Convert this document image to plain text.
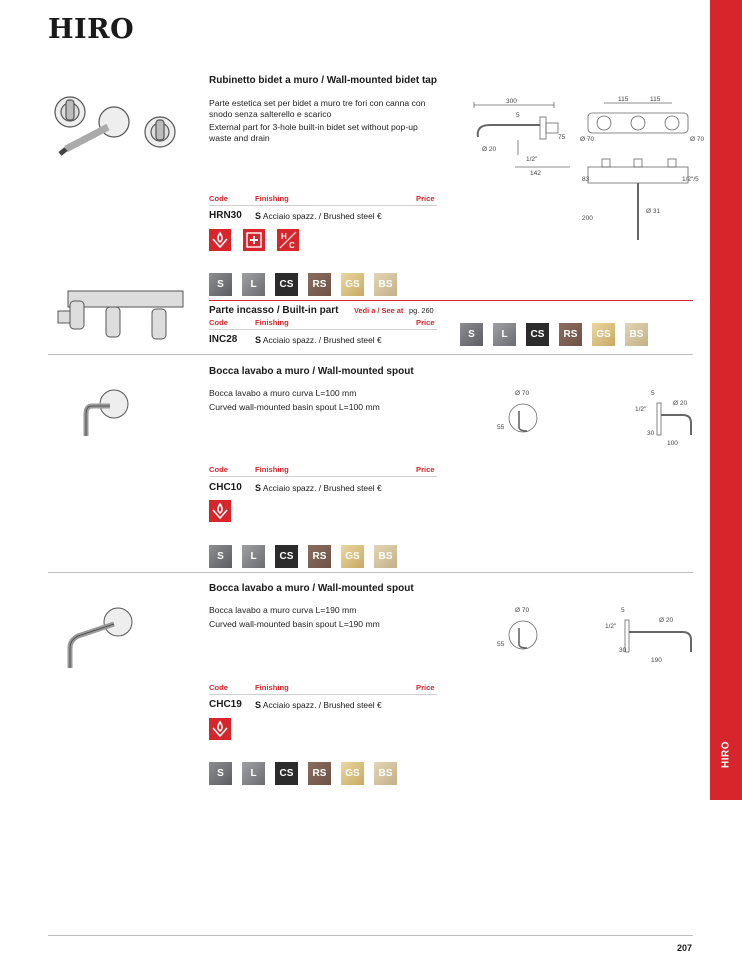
HIRO
HIRO
Rubinetto bidet a muro / Wall-mounted bidet tap
Parte estetica set per bidet a muro tre fori con canna con snodo senza salterello e scarico
External part for 3-hole built-in bidet set without pop-up waste and drain
300
5
75
Ø 20
1/2"
142
115	115
Ø 70	Ø 70
83
200
Ø 31
1/2"/5
Code	Finishing	Price
HRN30 S Acciaio spazz. / Brushed steel €
H
C
S	L	CS	RS	GS	BS
Parte incasso / Built-in part Vedi a / See at pg. 260
Code	Finishing	Price
INC28 S Acciaio spazz. / Brushed steel €	S	L	CS	RS	GS	BS
Bocca lavabo a muro / Wall-mounted spout
Bocca lavabo a muro curva L=100 mm
Curved wall-mounted basin spout L=100 mm
Ø 70
55
5
1/2"
Ø 20
30
100
Code	Finishing	Price
CHC10 S Acciaio spazz. / Brushed steel €
S	L	CS	RS	GS	BS
Bocca lavabo a muro / Wall-mounted spout
Bocca lavabo a muro curva L=190 mm
Curved wall-mounted basin spout L=190 mm
Ø 70
55
5
1/2"
Ø 20
30
190
Code	Finishing	Price
CHC19 S Acciaio spazz. / Brushed steel €
S	L	CS	RS	GS	BS
207
